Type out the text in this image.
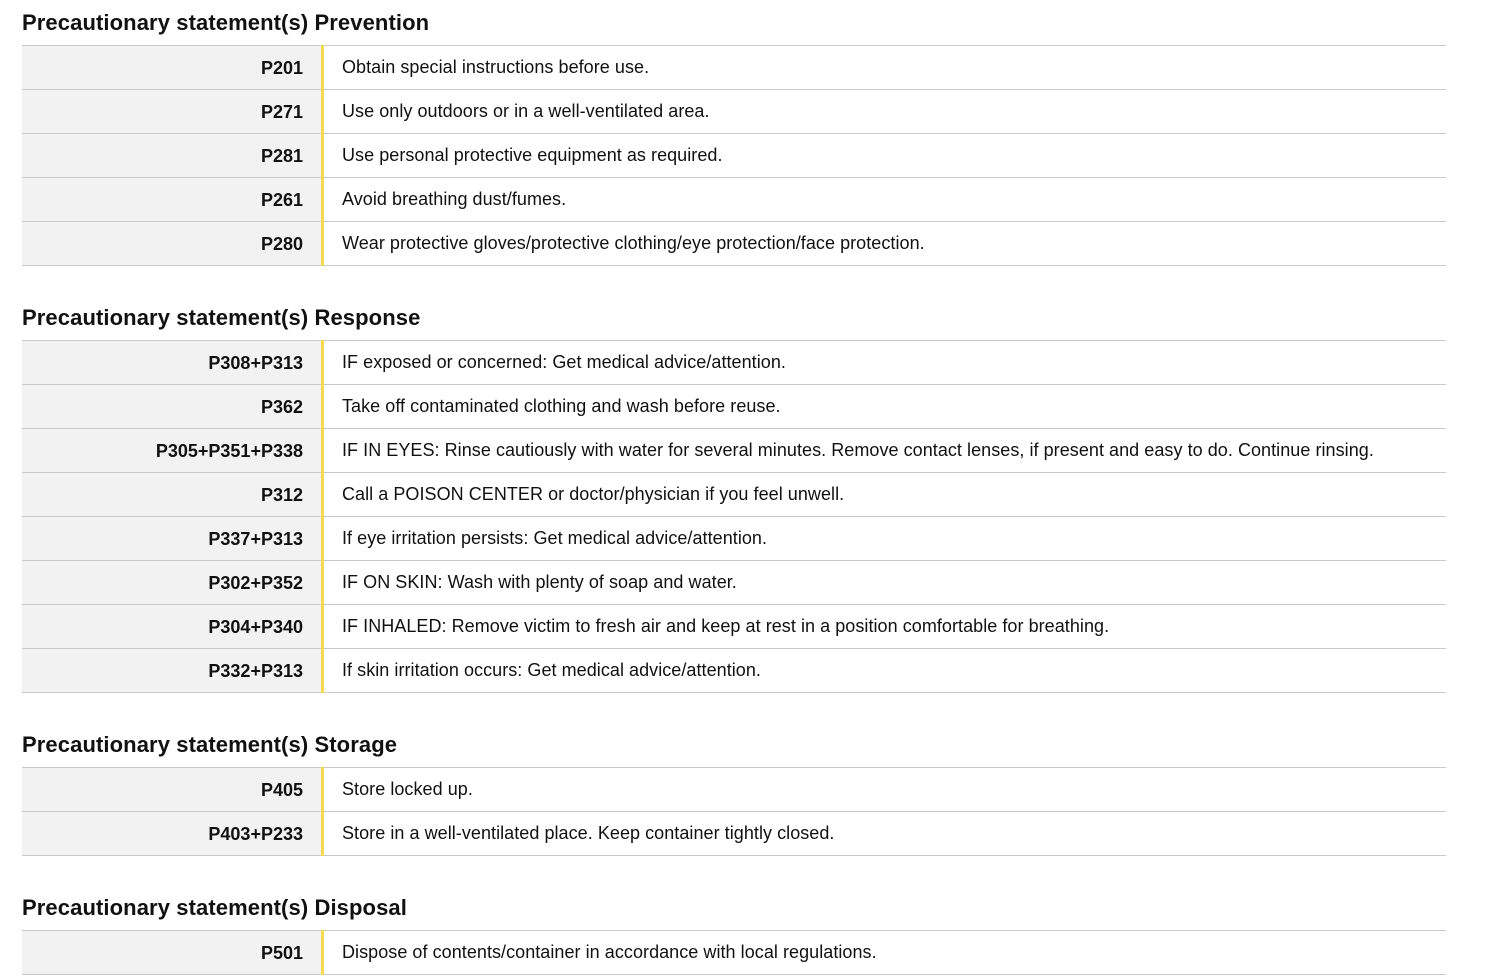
Precautionary statement(s) Prevention
P201	Obtain special instructions before use.
P271	Use only outdoors or in a well-ventilated area.
P281	Use personal protective equipment as required.
P261	Avoid breathing dust/fumes.
P280	Wear protective gloves/protective clothing/eye protection/face protection.
Precautionary statement(s) Response
P308+P313	IF exposed or concerned: Get medical advice/attention.
P362	Take off contaminated clothing and wash before reuse.
P305+P351+P338	IF IN EYES: Rinse cautiously with water for several minutes. Remove contact lenses, if present and easy to do. Continue rinsing.
P312	Call a POISON CENTER or doctor/physician if you feel unwell.
P337+P313	If eye irritation persists: Get medical advice/attention.
P302+P352	IF ON SKIN: Wash with plenty of soap and water.
P304+P340	IF INHALED: Remove victim to fresh air and keep at rest in a position comfortable for breathing.
P332+P313	If skin irritation occurs: Get medical advice/attention.
Precautionary statement(s) Storage
P405	Store locked up.
P403+P233	Store in a well-ventilated place. Keep container tightly closed.
Precautionary statement(s) Disposal
P501	Dispose of contents/container in accordance with local regulations.
